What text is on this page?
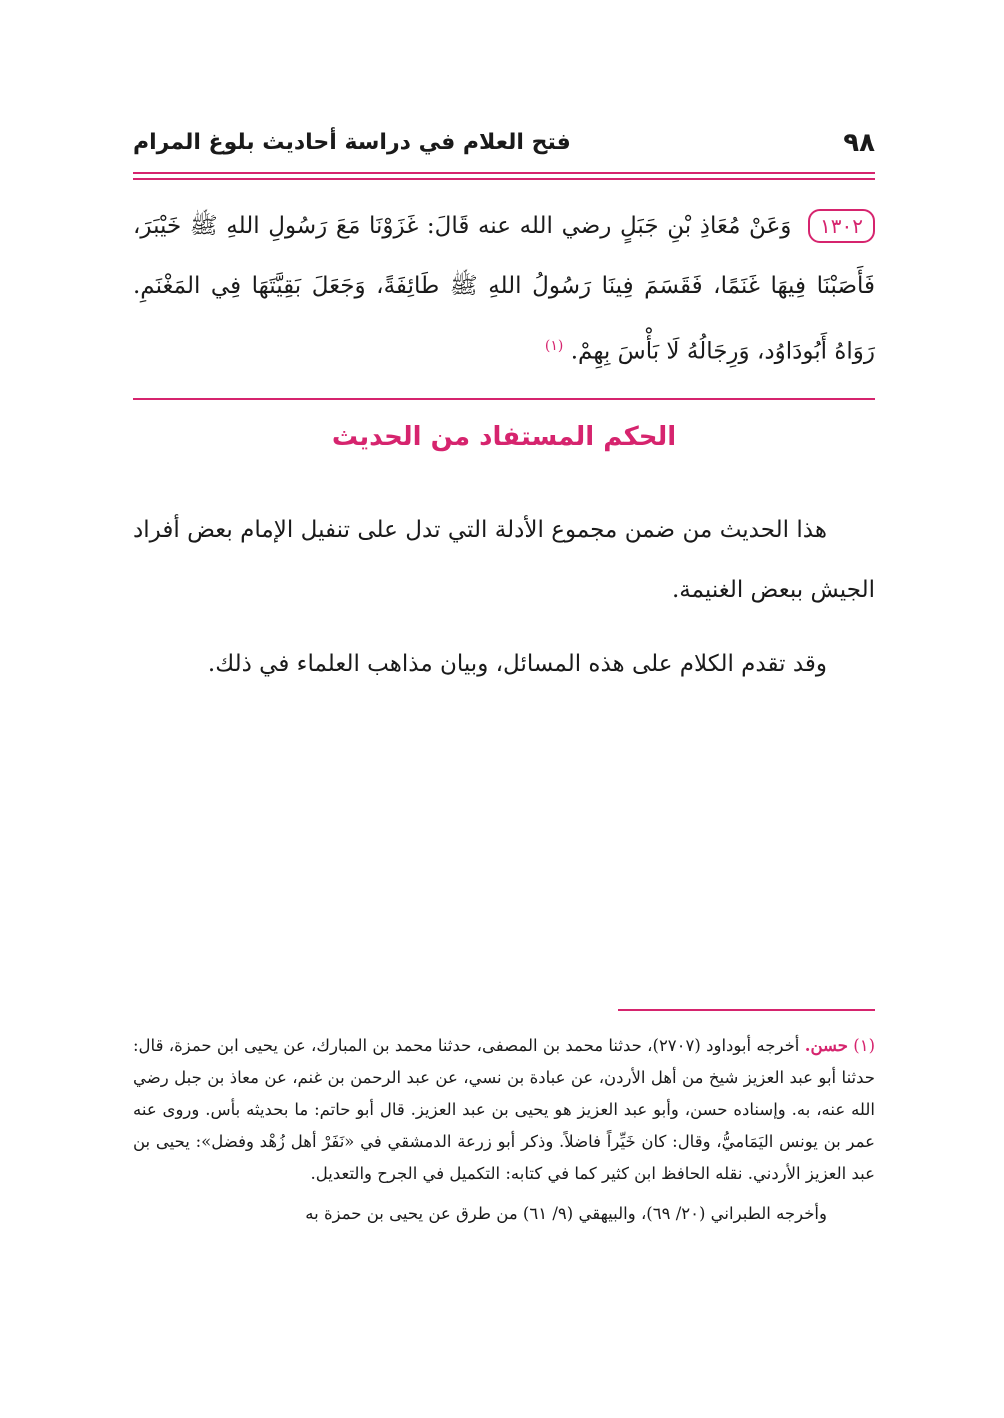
٩٨
فتح العلام في دراسة أحاديث بلوغ المرام
١٣٠٢ وَعَنْ مُعَاذِ بْنِ جَبَلٍ رضي الله عنه قَالَ: غَزَوْنَا مَعَ رَسُولِ اللهِ ﷺ خَيْبَرَ، فَأَصَبْنَا فِيهَا غَنَمًا، فَقَسَمَ فِينَا رَسُولُ اللهِ ﷺ طَائِفَةً، وَجَعَلَ بَقِيَّتَهَا فِي المَغْنَمِ. رَوَاهُ أَبُودَاوُد، وَرِجَالُهُ لَا بَأْسَ بِهِمْ. $^{(١)}$
الحكم المستفاد من الحديث

هذا الحديث من ضمن مجموع الأدلة التي تدل على تنفيل الإمام بعض أفراد الجيش ببعض الغنيمة.

وقد تقدم الكلام على هذه المسائل، وبيان مذاهب العلماء في ذلك.

(١) حسن. أخرجه أبوداود (٢٧٠٧)، حدثنا محمد بن المصفى، حدثنا محمد بن المبارك، عن يحيى ابن حمزة، قال: حدثنا أبو عبد العزيز شيخ من أهل الأردن، عن عبادة بن نسي، عن عبد الرحمن بن غنم، عن معاذ بن جبل رضي الله عنه، به. وإسناده حسن، وأبو عبد العزيز هو يحيى بن عبد العزيز. قال أبو حاتم: ما بحديثه بأس. وروى عنه عمر بن يونس اليَمَاميُّ، وقال: كان خَيِّراً فاضلاً. وذكر أبو زرعة الدمشقي في «نَفَرْ أهل زُهْد وفضل»: يحيى بن عبد العزيز الأردني. نقله الحافظ ابن كثير كما في كتابه: التكميل في الجرح والتعديل.

وأخرجه الطبراني (٢٠/ ٦٩)، والبيهقي (٩/ ٦١) من طرق عن يحيى بن حمزة به
